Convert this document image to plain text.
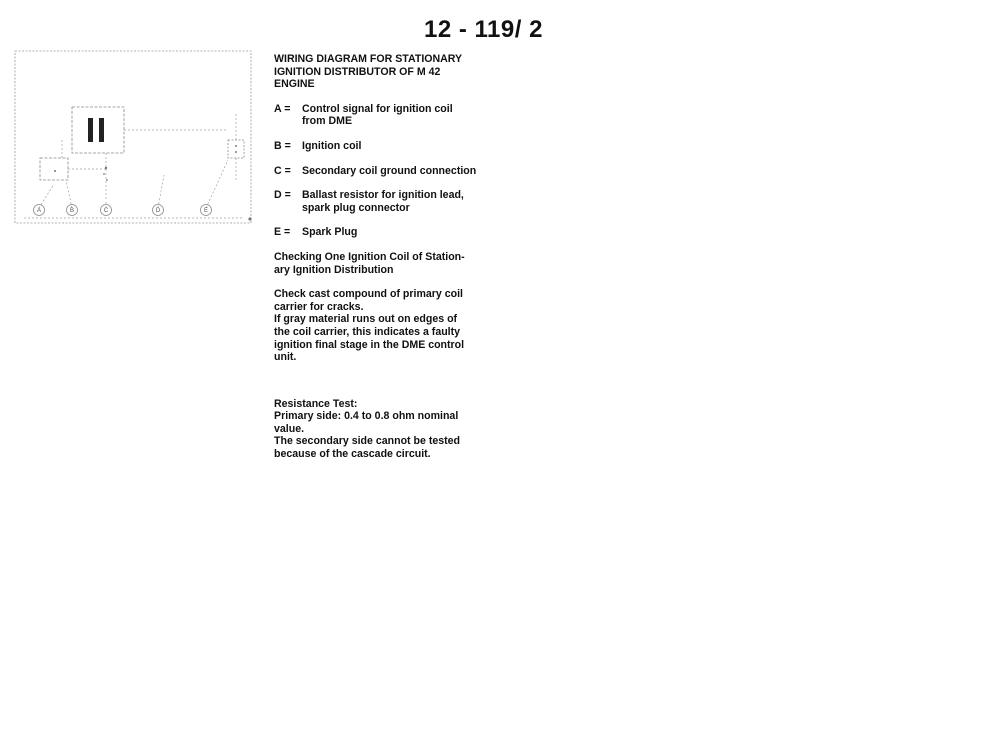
12 - 119/ 2
A	B	C	D	E
WIRING DIAGRAM FOR STATIONARY
IGNITION DISTRIBUTOR OF M 42
ENGINE
A =	Control signal for ignition coil
from DME
B =	Ignition coil
C =	Secondary coil ground connection
D =	Ballast resistor for ignition lead,
spark plug connector
E =	Spark Plug
Checking One Ignition Coil of Station-
ary Ignition Distribution
Check cast compound of primary coil
carrier for cracks.
If gray material runs out on edges of
the coil carrier, this indicates a faulty
ignition final stage in the DME control
unit.
Resistance Test:
Primary side: 0.4 to 0.8 ohm nominal
value.
The secondary side cannot be tested
because of the cascade circuit.
